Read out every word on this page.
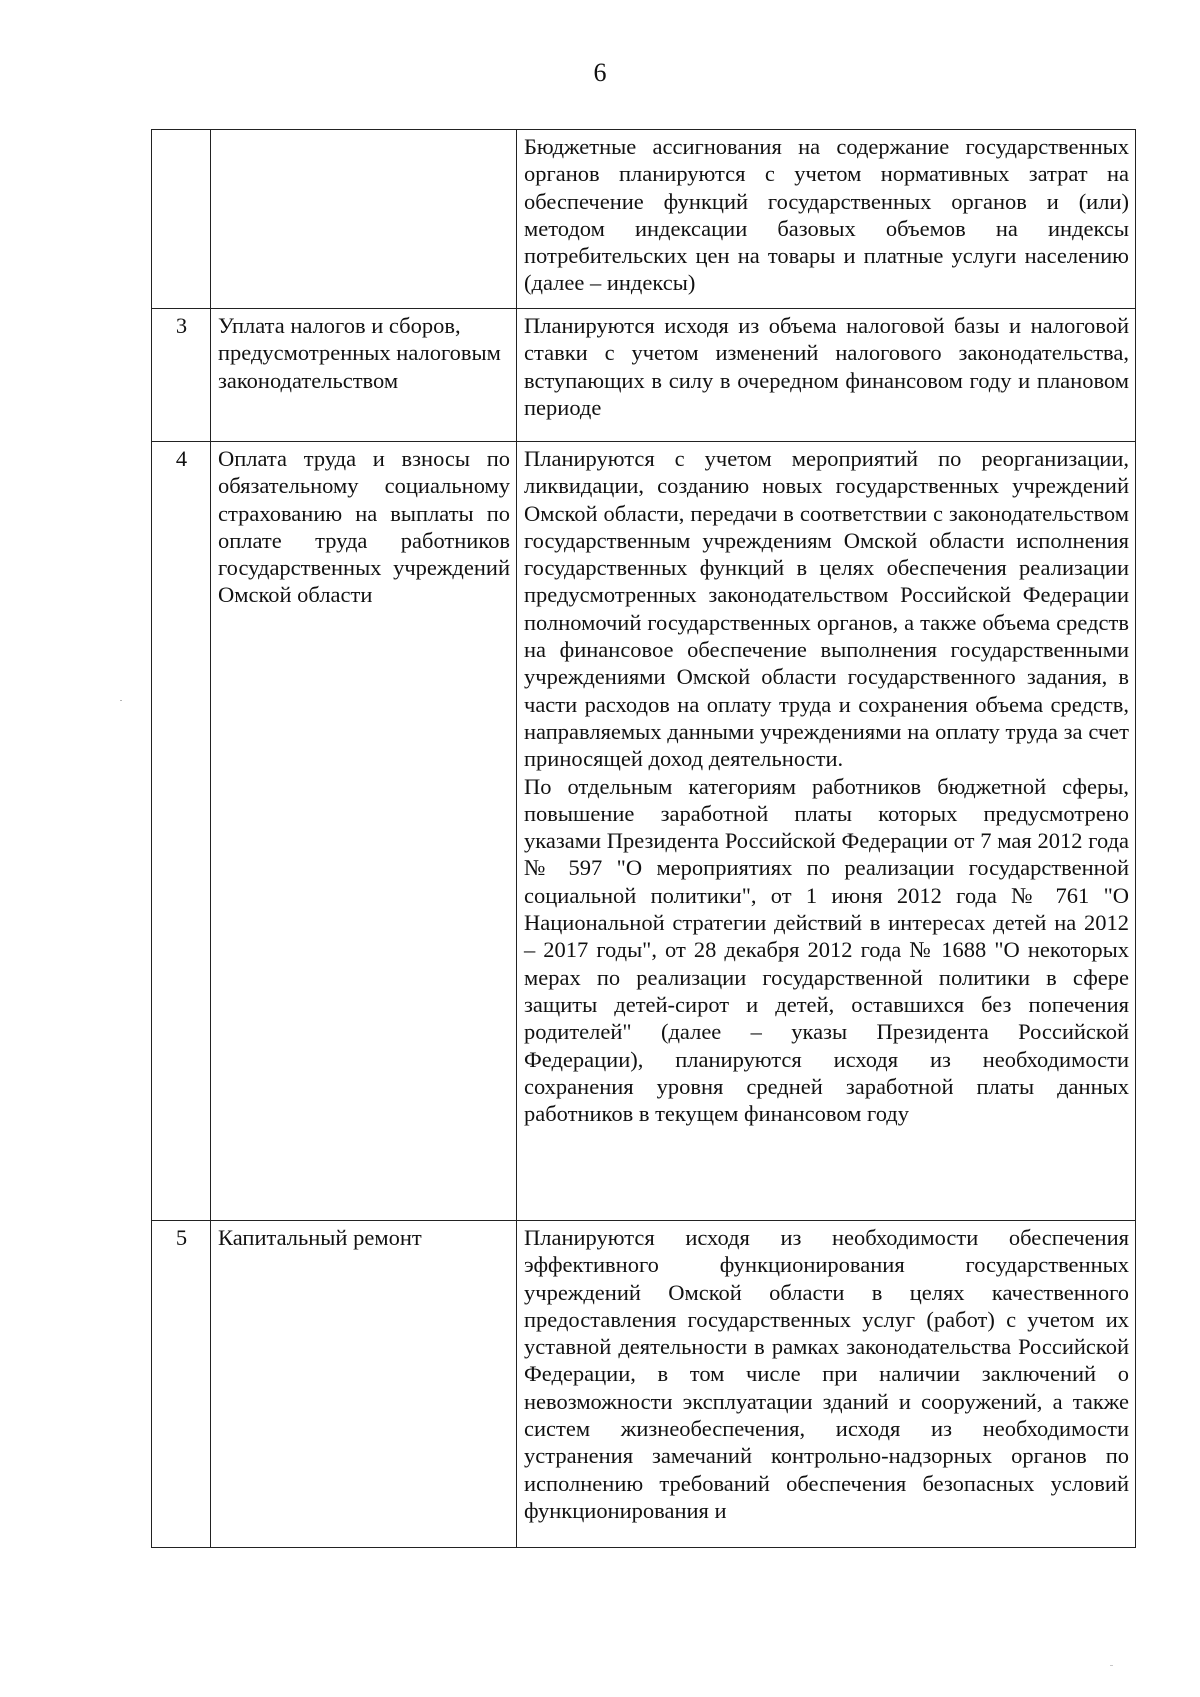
6

		Бюджетные ассигнования на содержание государственных органов планируются с учетом нормативных затрат на обеспечение функций государственных органов и (или) методом индексации базовых объемов на индексы потребительских цен на товары и платные услуги населению (далее – индексы)

3	Уплата налогов и сборов, предусмотренных налоговым законодательством	Планируются исходя из объема налоговой базы и налоговой ставки с учетом изменений налогового законодательства, вступающих в силу в очередном финансовом году и плановом периоде

4	Оплата труда и взносы по обязательному социальному страхованию на выплаты по оплате труда работников государственных учреждений Омской области	Планируются с учетом мероприятий по реорганизации, ликвидации, созданию новых государственных учреждений Омской области, передачи в соответствии с законодательством государственным учреждениям Омской области исполнения государственных функций в целях обеспечения реализации предусмотренных законодательством Российской Федерации полномочий государственных органов, а также объема средств на финансовое обеспечение выполнения государственными учреждениями Омской области государственного задания, в части расходов на оплату труда и сохранения объема средств, направляемых данными учреждениями на оплату труда за счет приносящей доход деятельности.

По отдельным категориям работников бюджетной сферы, повышение заработной платы которых предусмотрено указами Президента Российской Федерации от 7 мая 2012 года № 597 "О мероприятиях по реализации государственной социальной политики", от 1 июня 2012 года № 761 "О Национальной стратегии действий в интересах детей на 2012 – 2017 годы", от 28 декабря 2012 года № 1688 "О некоторых мерах по реализации государственной политики в сфере защиты детей-сирот и детей, оставшихся без попечения родителей" (далее – указы Президента Российской Федерации), планируются исходя из необходимости сохранения уровня средней заработной платы данных работников в текущем финансовом году

5	Капитальный ремонт	Планируются исходя из необходимости обеспечения эффективного функционирования государственных учреждений Омской области в целях качественного предоставления государственных услуг (работ) с учетом их уставной деятельности в рамках законодательства Российской Федерации, в том числе при наличии заключений о невозможности эксплуатации зданий и сооружений, а также систем жизнеобеспечения, исходя из необходимости устранения замечаний контрольно-надзорных органов по исполнению требований обеспечения безопасных условий функционирования и
